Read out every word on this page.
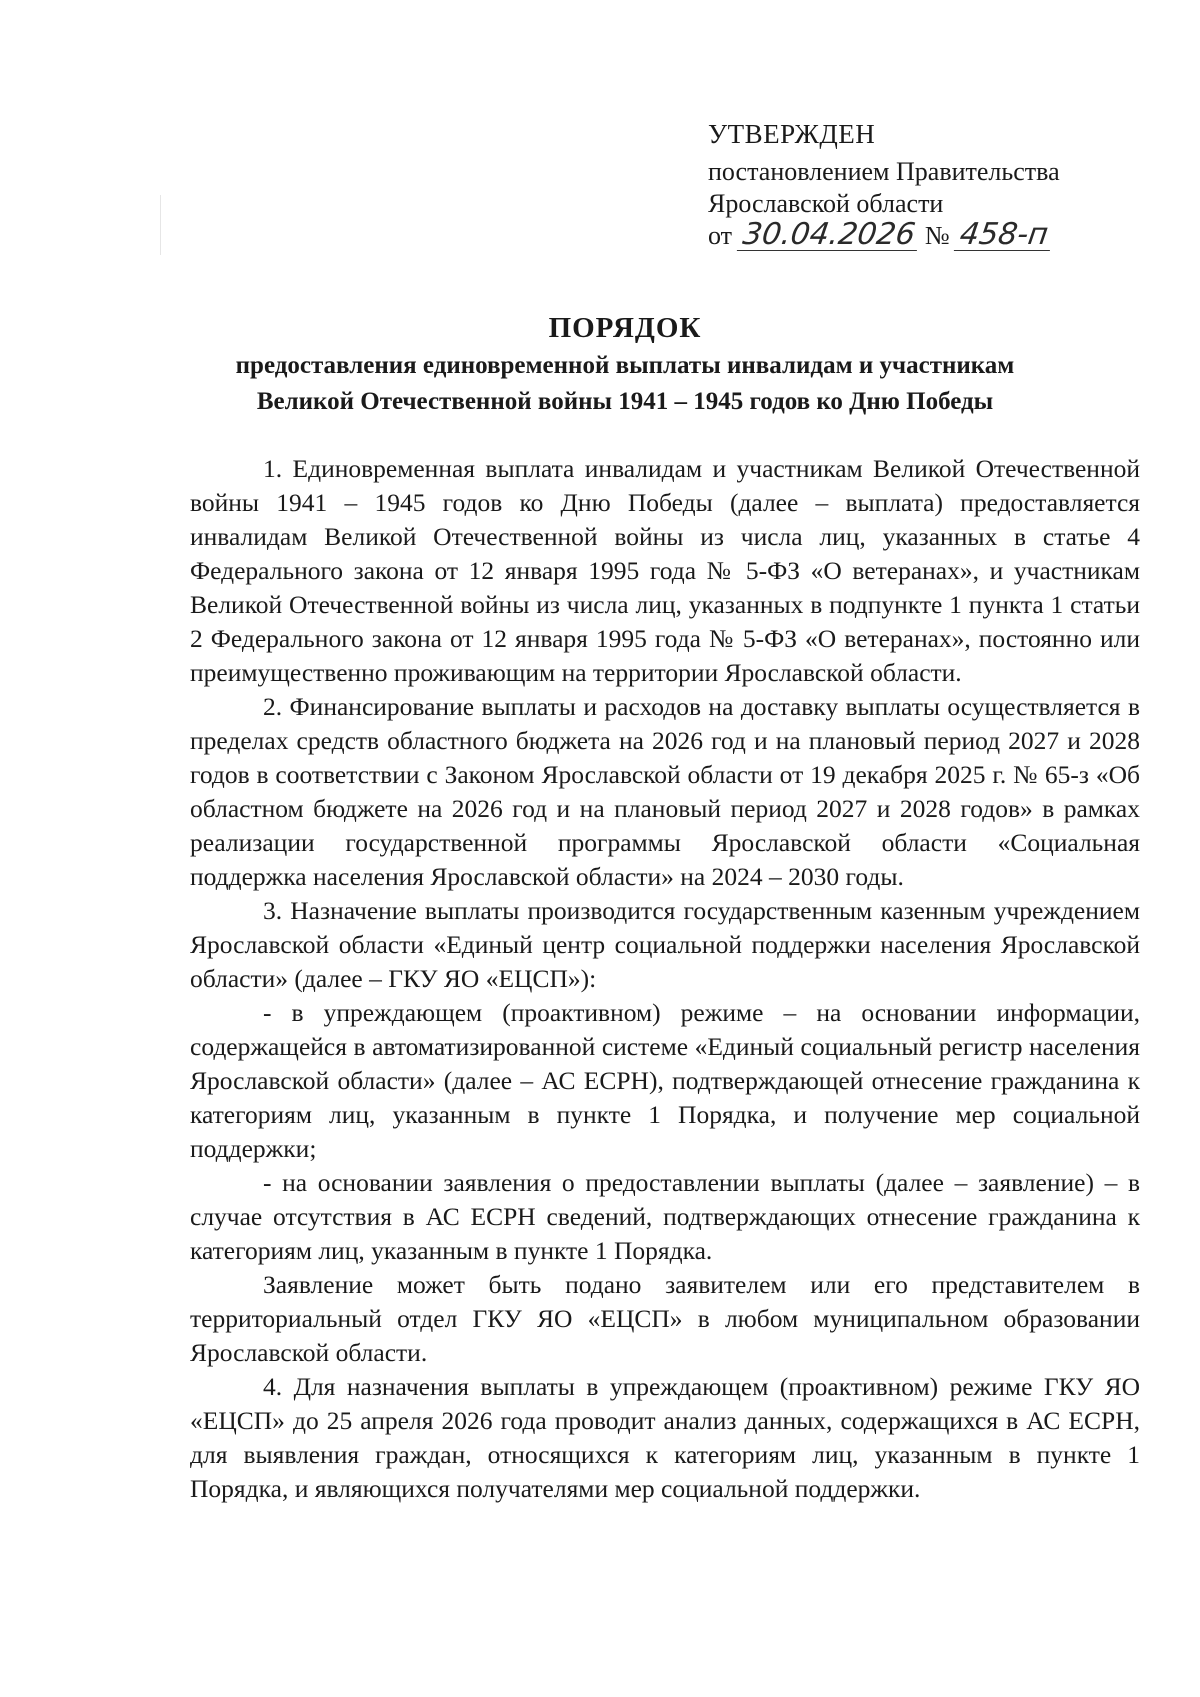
УТВЕРЖДЕН
постановлением Правительства
Ярославской области
от 30.04.2026 № 458-п
ПОРЯДОК
предоставления единовременной выплаты инвалидам и участникам
Великой Отечественной войны 1941 – 1945 годов ко Дню Победы

1. Единовременная выплата инвалидам и участникам Великой Отечественной войны 1941 – 1945 годов ко Дню Победы (далее – выплата) предоставляется инвалидам Великой Отечественной войны из числа лиц, указанных в статье 4 Федерального закона от 12 января 1995 года № 5-ФЗ «О ветеранах», и участникам Великой Отечественной войны из числа лиц, указанных в подпункте 1 пункта 1 статьи 2 Федерального закона от 12 января 1995 года № 5-ФЗ «О ветеранах», постоянно или преимущественно проживающим на территории Ярославской области.

2. Финансирование выплаты и расходов на доставку выплаты осуществляется в пределах средств областного бюджета на 2026 год и на плановый период 2027 и 2028 годов в соответствии с Законом Ярославской области от 19 декабря 2025 г. № 65-з «Об областном бюджете на 2026 год и на плановый период 2027 и 2028 годов» в рамках реализации государственной программы Ярославской области «Социальная поддержка населения Ярославской области» на 2024 – 2030 годы.

3. Назначение выплаты производится государственным казенным учреждением Ярославской области «Единый центр социальной поддержки населения Ярославской области» (далее – ГКУ ЯО «ЕЦСП»):

- в упреждающем (проактивном) режиме – на основании информации, содержащейся в автоматизированной системе «Единый социальный регистр населения Ярославской области» (далее – АС ЕСРН), подтверждающей отнесение гражданина к категориям лиц, указанным в пункте 1 Порядка, и получение мер социальной поддержки;

- на основании заявления о предоставлении выплаты (далее – заявление) – в случае отсутствия в АС ЕСРН сведений, подтверждающих отнесение гражданина к категориям лиц, указанным в пункте 1 Порядка.

Заявление может быть подано заявителем или его представителем в территориальный отдел ГКУ ЯО «ЕЦСП» в любом муниципальном образовании Ярославской области.

4. Для назначения выплаты в упреждающем (проактивном) режиме ГКУ ЯО «ЕЦСП» до 25 апреля 2026 года проводит анализ данных, содержащихся в АС ЕСРН, для выявления граждан, относящихся к категориям лиц, указанным в пункте 1 Порядка, и являющихся получателями мер социальной поддержки.
